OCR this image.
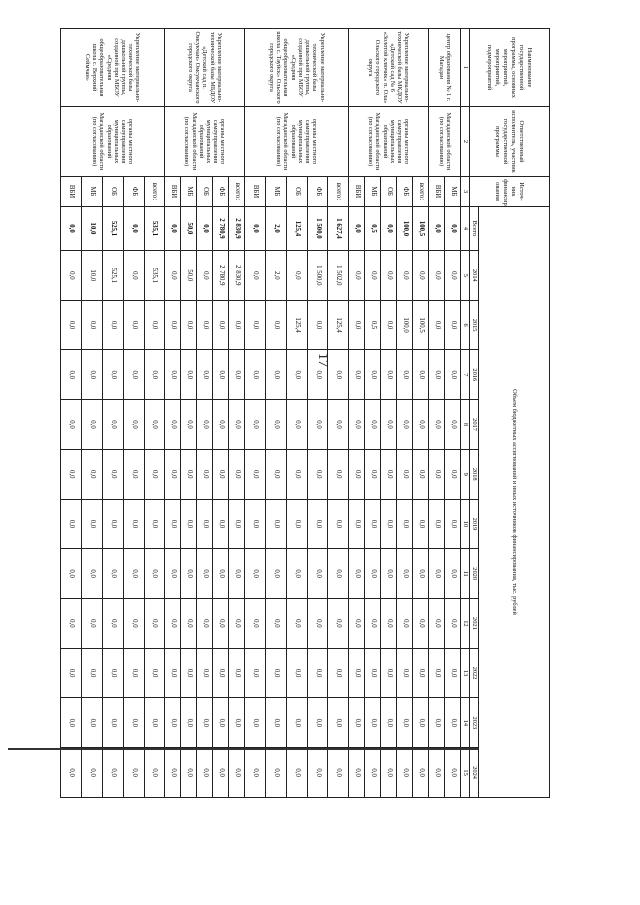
17
Наименование государственной программы, основных мероприятий, мероприятий, подмероприятий	Ответственный исполнитель, участник государственной программы	Источ-ник финансир ования	Объем бюджетных ассигнований и иных источников финансирования, тыс. рублей											
			Всего	2014	2015	2016	2017	2018	2019	2020	2021	2022	2023	2024
1	2	3	4	5	6	7	8	9	10	11	12	13	14	15
центр образования № 1 г. Магадан	Магаданской области (по согласованию)	МБ	0,0	0,0	0,0	0,0	0,0	0,0	0,0	0,0	0,0	0,0	0,0	0,0
		ВБИ	0,0	0,0	0,0	0,0	0,0	0,0	0,0	0,0	0,0	0,0	0,0	0,0
Укрепление материально-технической базы МКДОУ «Детский сад № 6 «Золотой ключик» п. Ола» Ольского городского округа	органы местного самоуправления муниципальных образований Магаданской области (по согласованию)	всего:	100,5	0,0	100,5	0,0	0,0	0,0	0,0	0,0	0,0	0,0	0,0	0,0
		ФБ	100,0	0,0	100,0	0,0	0,0	0,0	0,0	0,0	0,0	0,0	0,0	0,0
		ОБ	0,0	0,0	0,0	0,0	0,0	0,0	0,0	0,0	0,0	0,0	0,0	0,0
		МБ	0,5	0,0	0,5	0,0	0,0	0,0	0,0	0,0	0,0	0,0	0,0	0,0
		ВБИ	0,0	0,0	0,0	0,0	0,0	0,0	0,0	0,0	0,0	0,0	0,0	0,0
Укрепление материально-технической базы дошкольной группы, созданной при МБОУ «Средняя общеобразовательная школа с. Тауйск» Ольского городского округа	органы местного самоуправления муниципальных образований Магаданской области (по согласованию)	всего:	1 627,4	1 502,0	125,4	0,0	0,0	0,0	0,0	0,0	0,0	0,0	0,0	0,0
		ФБ	1 500,0	1 500,0	0,0	0,0	0,0	0,0	0,0	0,0	0,0	0,0	0,0	0,0
		ОБ	125,4	0,0	125,4	0,0	0,0	0,0	0,0	0,0	0,0	0,0	0,0	0,0
		МБ	2,0	2,0	0,0	0,0	0,0	0,0	0,0	0,0	0,0	0,0	0,0	0,0
		ВБИ	0,0	0,0	0,0	0,0	0,0	0,0	0,0	0,0	0,0	0,0	0,0	0,0
Укрепление материально-технической базы МБДОУ «Детский сад п. Омсукчан» Омсукчанского городского округа	органы местного самоуправления муниципальных образований Магаданской области (по согласованию)	всего:	2 830,9	2 830,9	0,0	0,0	0,0	0,0	0,0	0,0	0,0	0,0	0,0	0,0
		ФБ	2 780,9	2 780,9	0,0	0,0	0,0	0,0	0,0	0,0	0,0	0,0	0,0	0,0
		ОБ	0,0	0,0	0,0	0,0	0,0	0,0	0,0	0,0	0,0	0,0	0,0	0,0
		МБ	50,0	50,0	0,0	0,0	0,0	0,0	0,0	0,0	0,0	0,0	0,0	0,0
		ВБИ	0,0	0,0	0,0	0,0	0,0	0,0	0,0	0,0	0,0	0,0	0,0	0,0
Укрепление материально-технической базы дошкольной группы, созданной при МБОУ «Средняя общеобразовательная школа с. Верхний Сеймчан»	органы местного самоуправления муниципальных образований Магаданской области (по согласованию)	всего:	535,1	535,1	0,0	0,0	0,0	0,0	0,0	0,0	0,0	0,0	0,0	0,0
		ФБ	0,0	0,0	0,0	0,0	0,0	0,0	0,0	0,0	0,0	0,0	0,0	0,0
		ОБ	525,1	525,1	0,0	0,0	0,0	0,0	0,0	0,0	0,0	0,0	0,0	0,0
		МБ	10,0	10,0	0,0	0,0	0,0	0,0	0,0	0,0	0,0	0,0	0,0	0,0
		ВБИ	0,0	0,0	0,0	0,0	0,0	0,0	0,0	0,0	0,0	0,0	0,0	0,0
